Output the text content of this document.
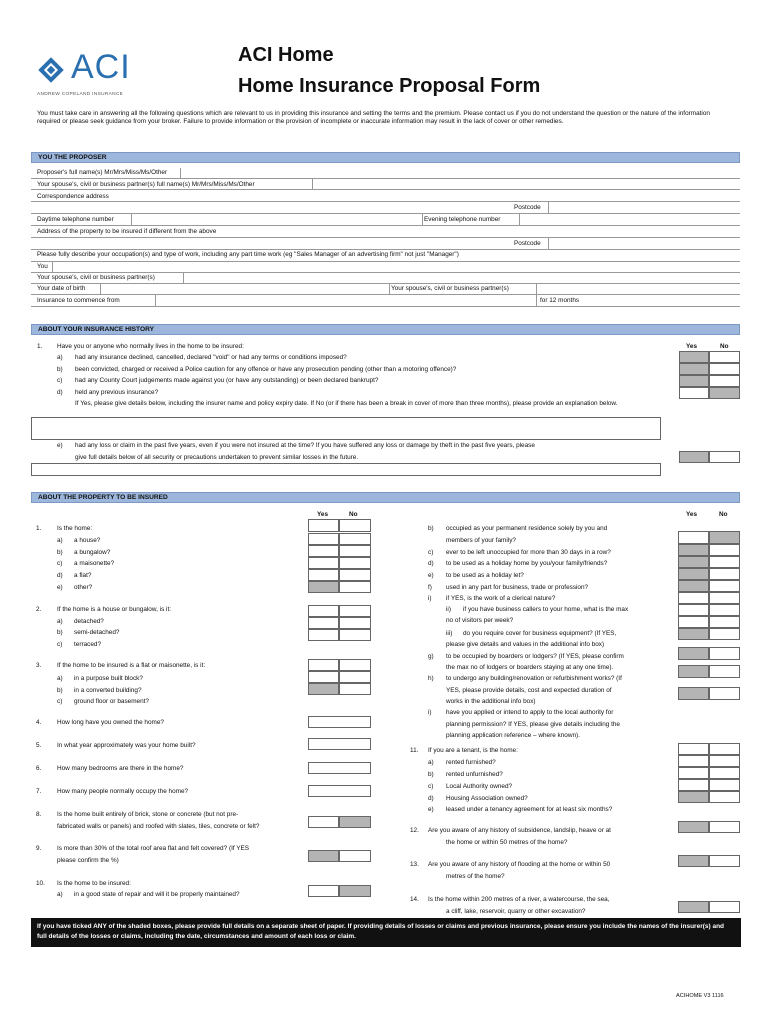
ACI
ANDREW COPELAND INSURANCE
ACI Home
Home Insurance Proposal Form
You must take care in answering all the following questions which are relevant to us in providing this insurance and setting the terms and the premium. Please contact us if you do not understand the question or the nature of the information required or please seek guidance from your broker. Failure to provide information or the provision of incomplete or inaccurate information may result in the lack of cover or other remedies.
YOU THE PROPOSER
Proposer's full name(s) Mr/Mrs/Miss/Ms/Other
Your spouse's, civil or business partner(s) full name(s) Mr/Mrs/Miss/Ms/Other
Correspondence address
Postcode
Daytime telephone number	Evening telephone number
Address of the property to be insured if different from the above
Postcode
Please fully describe your occupation(s) and type of work, including any part time work (eg "Sales Manager of an advertising firm" not just "Manager")
You
Your spouse's, civil or business partner(s)
Your date of birth	Your spouse's, civil or business partner(s)
Insurance to commence from	for 12 months
ABOUT YOUR INSURANCE HISTORY
Yes	No
1. Have you or anyone who normally lives in the home to be insured:
a) had any insurance declined, cancelled, declared "void" or had any terms or conditions imposed?
b) been convicted, charged or received a Police caution for any offence or have any prosecution pending (other than a motoring offence)?
c) had any County Court judgements made against you (or have any outstanding) or been declared bankrupt?
d) held any previous insurance?
If Yes, please give details below, including the insurer name and policy expiry date. If No (or if there has been a break in cover of more than three months), please provide an explanation below.
e) had any loss or claim in the past five years, even if you were not insured at the time? If you have suffered any loss or damage by theft in the past five years, please
give full details below of all security or precautions undertaken to prevent similar losses in the future.
ABOUT THE PROPERTY TO BE INSURED
Yes	No	Yes	No
1. Is the home:
a) a house?
b) a bungalow?
c) a maisonette?
d) a flat?
e) other?
2. If the home is a house or bungalow, is it:
a) detached?
b) semi-detached?
c) terraced?
3. If the home to be insured is a flat or maisonette, is it:
a) in a purpose built block?
b) in a converted building?
c) ground floor or basement?
4. How long have you owned the home?
5. In what year approximately was your home built?
6. How many bedrooms are there in the home?
7. How many people normally occupy the home?
8. Is the home built entirely of brick, stone or concrete (but not pre-
fabricated walls or panels) and roofed with slates, tiles, concrete or felt?
9. Is more than 30% of the total roof area flat and felt covered? (If YES
please confirm the %)
10. Is the home to be insured:
a) in a good state of repair and will it be properly maintained?
b) occupied as your permanent residence solely by you and
members of your family?
c) ever to be left unoccupied for more than 30 days in a row?
d) to be used as a holiday home by you/your family/friends?
e) to be used as a holiday let?
f) used in any part for business, trade or profession?
i) if YES, is the work of a clerical nature?
ii) if you have business callers to your home, what is the max
no of visitors per week?
iii) do you require cover for business equipment? (If YES,
please give details and values in the additional info box)
g) to be occupied by boarders or lodgers? (If YES, please confirm
the max no of lodgers or boarders staying at any one time).
h) to undergo any building/renovation or refurbishment works? (If
YES, please provide details, cost and expected duration of
works in the additional info box)
i) have you applied or intend to apply to the local authority for
planning permission? If YES, please give details including the
planning application reference – where known).
11. If you are a tenant, is the home:
a) rented furnished?
b) rented unfurnished?
c) Local Authority owned?
d) Housing Association owned?
e) leased under a tenancy agreement for at least six months?
12. Are you aware of any history of subsidence, landslip, heave or at
the home or within 50 metres of the home?
13. Are you aware of any history of flooding at the home or within 50
metres of the home?
14. Is the home within 200 metres of a river, a watercourse, the sea,
a cliff, lake, reservoir, quarry or other excavation?
If you have ticked ANY of the shaded boxes, please provide full details on a separate sheet of paper. If providing details of losses or claims and previous insurance, please ensure you include the names of the insurer(s) and full details of the losses or claims, including the date, circumstances and amount of each loss or claim.
ACIHOME V3 1116
